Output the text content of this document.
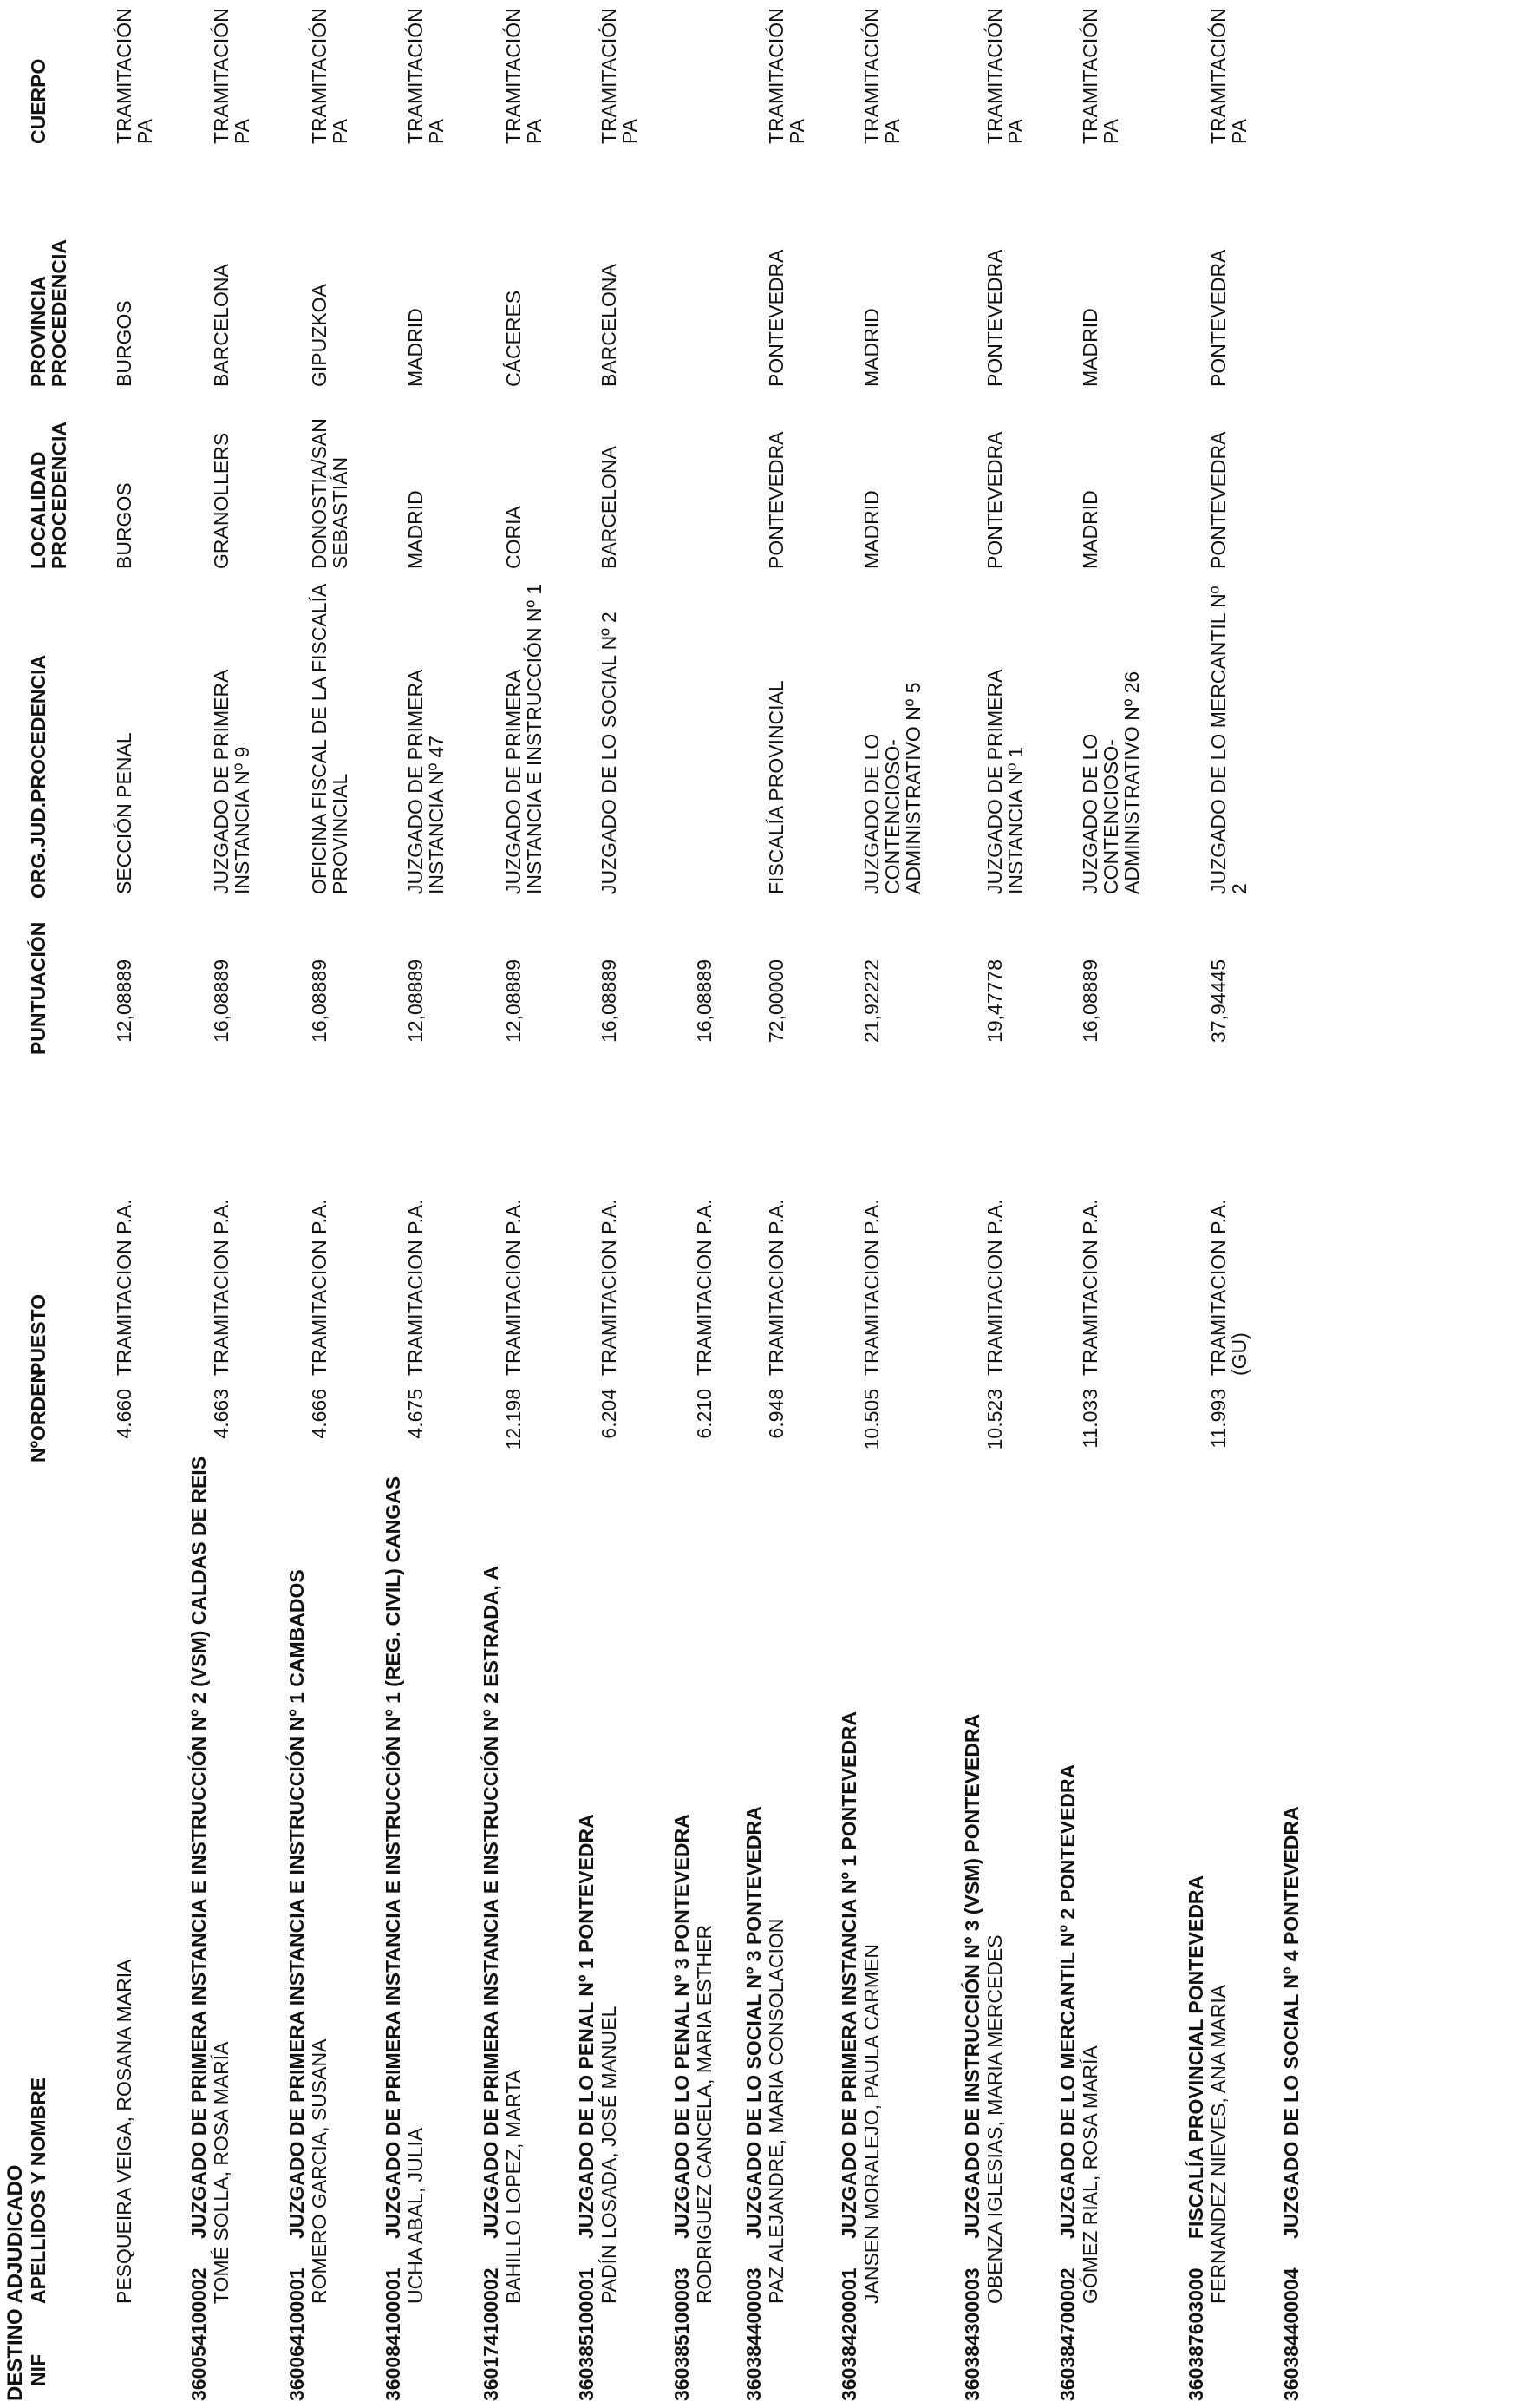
DESTINO ADJUDICADO NIF
APELLIDOS Y NOMBRE
NºORDEN
PUESTO
PUNTUACIÓN
ORG.JUD.PROCEDENCIA
LOCALIDAD PROCEDENCIA
PROVINCIA PROCEDENCIA
CUERPO
PESQUEIRA VEIGA, ROSANA MARIA
4.660
TRAMITACION P.A.
12,08889
SECCIÓN PENAL
BURGOS
BURGOS
TRAMITACIÓN PA
360054100002
JUZGADO DE PRIMERA INSTANCIA E INSTRUCCIÓN Nº 2 (VSM) CALDAS DE REIS TOMÉ SOLLA, ROSA MARÍA
4.663
TRAMITACION P.A.
16,08889
JUZGADO DE PRIMERA INSTANCIA Nº 9
GRANOLLERS
BARCELONA
TRAMITACIÓN PA
360064100001
JUZGADO DE PRIMERA INSTANCIA E INSTRUCCIÓN Nº 1 CAMBADOS ROMERO GARCIA, SUSANA
4.666
TRAMITACION P.A.
16,08889
OFICINA FISCAL DE LA FISCALÍA PROVINCIAL
DONOSTIA/SAN SEBASTIÁN
GIPUZKOA
TRAMITACIÓN PA
360084100001
JUZGADO DE PRIMERA INSTANCIA E INSTRUCCIÓN Nº 1 (REG. CIVIL) CANGAS UCHA ABAL, JULIA
4.675
TRAMITACION P.A.
12,08889
JUZGADO DE PRIMERA INSTANCIA Nº 47
MADRID
MADRID
TRAMITACIÓN PA
360174100002
JUZGADO DE PRIMERA INSTANCIA E INSTRUCCIÓN Nº 2 ESTRADA, A BAHILLO LOPEZ, MARTA
12.198
TRAMITACION P.A.
12,08889
JUZGADO DE PRIMERA INSTANCIA E INSTRUCCIÓN Nº 1
CORIA
CÁCERES
TRAMITACIÓN PA
360385100001
JUZGADO DE LO PENAL Nº 1 PONTEVEDRA PADÍN LOSADA, JOSÉ MANUEL
6.204
TRAMITACION P.A.
16,08889
JUZGADO DE LO SOCIAL Nº 2
BARCELONA
BARCELONA
TRAMITACIÓN PA
360385100003
JUZGADO DE LO PENAL Nº 3 PONTEVEDRA RODRIGUEZ CANCELA, MARIA ESTHER
6.210
TRAMITACION P.A.
16,08889
360384400003
JUZGADO DE LO SOCIAL Nº 3 PONTEVEDRA PAZ ALEJANDRE, MARIA CONSOLACION
6.948
TRAMITACION P.A.
72,00000
FISCALÍA PROVINCIAL
PONTEVEDRA
PONTEVEDRA
TRAMITACIÓN PA
360384200001
JUZGADO DE PRIMERA INSTANCIA Nº 1 PONTEVEDRA JANSEN MORALEJO, PAULA CARMEN
10.505
TRAMITACION P.A.
21,92222
JUZGADO DE LO CONTENCIOSO-ADMINISTRATIVO Nº 5
MADRID
MADRID
TRAMITACIÓN PA
360384300003
JUZGADO DE INSTRUCCIÓN Nº 3 (VSM) PONTEVEDRA OBENZA IGLESIAS, MARIA MERCEDES
10.523
TRAMITACION P.A.
19,47778
JUZGADO DE PRIMERA INSTANCIA Nº 1
PONTEVEDRA
PONTEVEDRA
TRAMITACIÓN PA
360384700002
JUZGADO DE LO MERCANTIL Nº 2 PONTEVEDRA GÓMEZ RIAL, ROSA MARÍA
11.033
TRAMITACION P.A.
16,08889
JUZGADO DE LO CONTENCIOSO-ADMINISTRATIVO Nº 26
MADRID
MADRID
TRAMITACIÓN PA
360387603000
FISCALÍA PROVINCIAL PONTEVEDRA FERNANDEZ NIEVES, ANA MARIA
11.993
TRAMITACION P.A. (GU)
37,94445
JUZGADO DE LO MERCANTIL Nº 2
PONTEVEDRA
PONTEVEDRA
TRAMITACIÓN PA
360384400004
JUZGADO DE LO SOCIAL Nº 4 PONTEVEDRA
